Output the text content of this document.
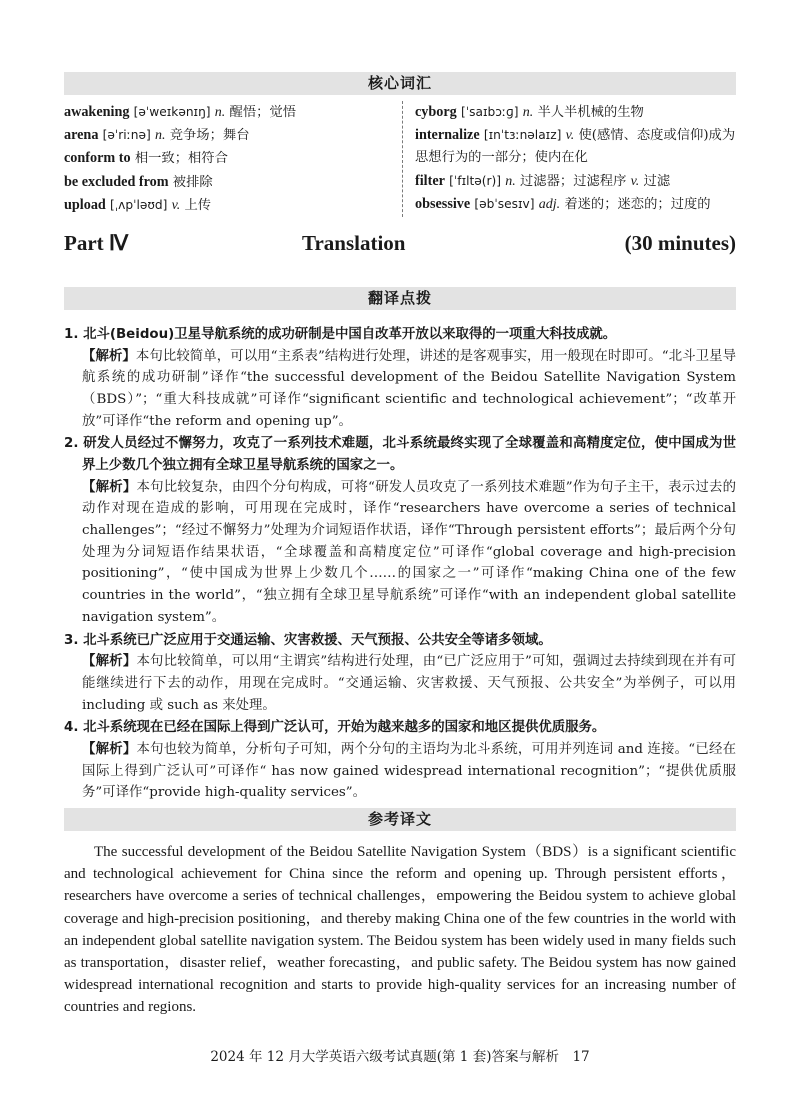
核心词汇
awakening [əˈweɪkənɪŋ] n. 醒悟；觉悟
arena [əˈriːnə] n. 竞争场；舞台
conform to 相一致；相符合
be excluded from 被排除
upload [ˌʌpˈləʊd] v. 上传
cyborg [ˈsaɪbɔːɡ] n. 半人半机械的生物
internalize [ɪnˈtɜːnəlaɪz] v. 使(感情、态度或信仰)成为思想行为的一部分；使内在化
filter [ˈfɪltə(r)] n. 过滤器；过滤程序 v. 过滤
obsessive [əbˈsesɪv] adj. 着迷的；迷恋的；过度的
Part Ⅳ	Translation	(30 minutes)
翻译点拨
1. 北斗(Beidou)卫星导航系统的成功研制是中国自改革开放以来取得的一项重大科技成就。
【解析】本句比较简单，可以用“主系表”结构进行处理，讲述的是客观事实，用一般现在时即可。“北斗卫星导航系统的成功研制”译作“the successful development of the Beidou Satellite Navigation System（BDS）”；“重大科技成就”可译作“significant scientific and technological achievement”；“改革开放”可译作“the reform and opening up”。
2. 研发人员经过不懈努力，攻克了一系列技术难题，北斗系统最终实现了全球覆盖和高精度定位，使中国成为世界上少数几个独立拥有全球卫星导航系统的国家之一。
【解析】本句比较复杂，由四个分句构成，可将“研发人员攻克了一系列技术难题”作为句子主干，表示过去的动作对现在造成的影响，可用现在完成时，译作“researchers have overcome a series of technical challenges”；“经过不懈努力”处理为介词短语作状语，译作“Through persistent efforts”；最后两个分句处理为分词短语作结果状语，“全球覆盖和高精度定位”可译作“global coverage and high-precision positioning”，“使中国成为世界上少数几个……的国家之一”可译作“making China one of the few countries in the world”，“独立拥有全球卫星导航系统”可译作“with an independent global satellite navigation system”。
3. 北斗系统已广泛应用于交通运输、灾害救援、天气预报、公共安全等诸多领域。
【解析】本句比较简单，可以用“主谓宾”结构进行处理，由“已广泛应用于”可知，强调过去持续到现在并有可能继续进行下去的动作，用现在完成时。“交通运输、灾害救援、天气预报、公共安全”为举例子，可以用 including 或 such as 来处理。
4. 北斗系统现在已经在国际上得到广泛认可，开始为越来越多的国家和地区提供优质服务。
【解析】本句也较为简单，分析句子可知，两个分句的主语均为北斗系统，可用并列连词 and 连接。“已经在国际上得到广泛认可”可译作“ has now gained widespread international recognition”；“提供优质服务”可译作“provide high-quality services”。
参考译文
The successful development of the Beidou Satellite Navigation System（BDS）is a significant scientific and technological achievement for China since the reform and opening up. Through persistent efforts，researchers have overcome a series of technical challenges，empowering the Beidou system to achieve global coverage and high-precision positioning，and thereby making China one of the few countries in the world with an independent global satellite navigation system. The Beidou system has been widely used in many fields such as transportation，disaster relief，weather forecasting，and public safety. The Beidou system has now gained widespread international recognition and starts to provide high-quality services for an increasing number of countries and regions.
2024 年 12 月大学英语六级考试真题(第 1 套)答案与解析　17
